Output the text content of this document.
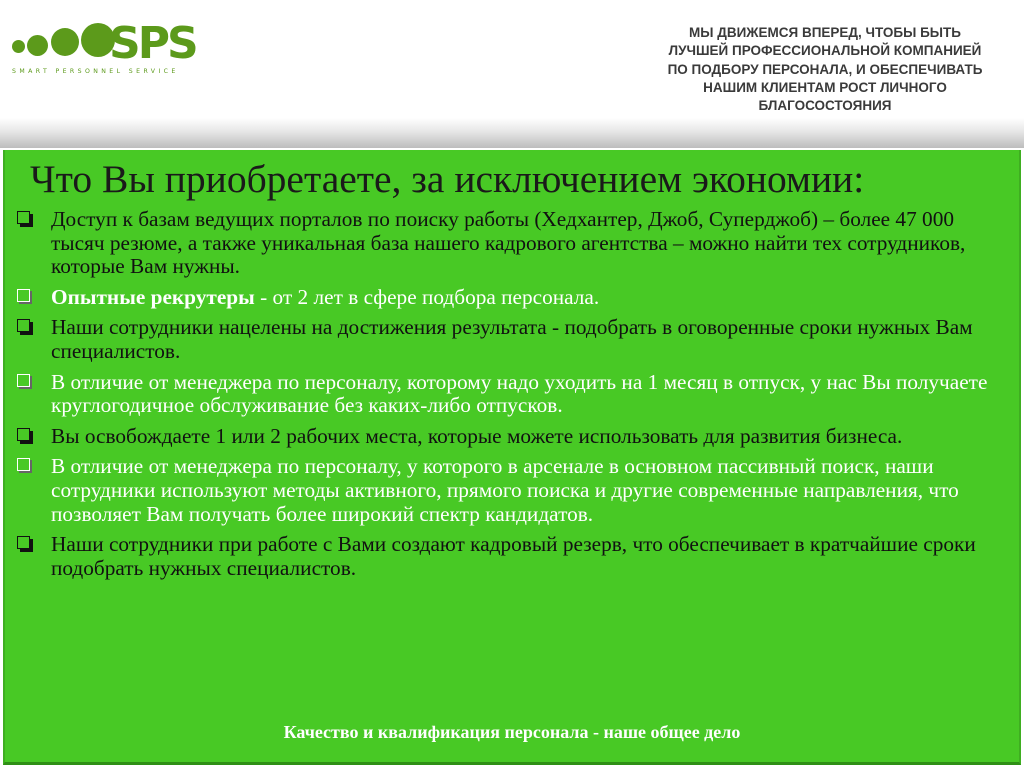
SPS
SMART PERSONNEL SERVICE
МЫ ДВИЖЕМСЯ ВПЕРЕД, ЧТОБЫ БЫТЬ
ЛУЧШЕЙ ПРОФЕССИОНАЛЬНОЙ КОМПАНИЕЙ
ПО ПОДБОРУ ПЕРСОНАЛА, И ОБЕСПЕЧИВАТЬ
НАШИМ КЛИЕНТАМ РОСТ ЛИЧНОГО
БЛАГОСОСТОЯНИЯ
Что Вы приобретаете, за исключением экономии:
Доступ к базам ведущих порталов по поиску работы (Хедхантер, Джоб, Суперджоб) – более 47 000 тысяч резюме, а также уникальная база нашего кадрового агентства – можно найти тех сотрудников, которые Вам нужны.
Опытные рекрутеры - от 2 лет в сфере подбора персонала.
Наши сотрудники нацелены на достижения результата - подобрать в оговоренные сроки нужных Вам специалистов.
В отличие от менеджера по персоналу, которому надо уходить на 1 месяц в отпуск, у нас Вы получаете круглогодичное обслуживание без каких-либо отпусков.
Вы освобождаете 1 или 2 рабочих места, которые можете использовать для развития бизнеса.
В отличие от менеджера по персоналу, у которого в арсенале в основном пассивный поиск, наши сотрудники используют методы активного, прямого поиска и другие современные направления, что позволяет Вам получать более широкий спектр кандидатов.
Наши сотрудники при работе с Вами создают кадровый резерв, что обеспечивает в кратчайшие сроки подобрать нужных специалистов.
Качество и квалификация персонала - наше общее дело
